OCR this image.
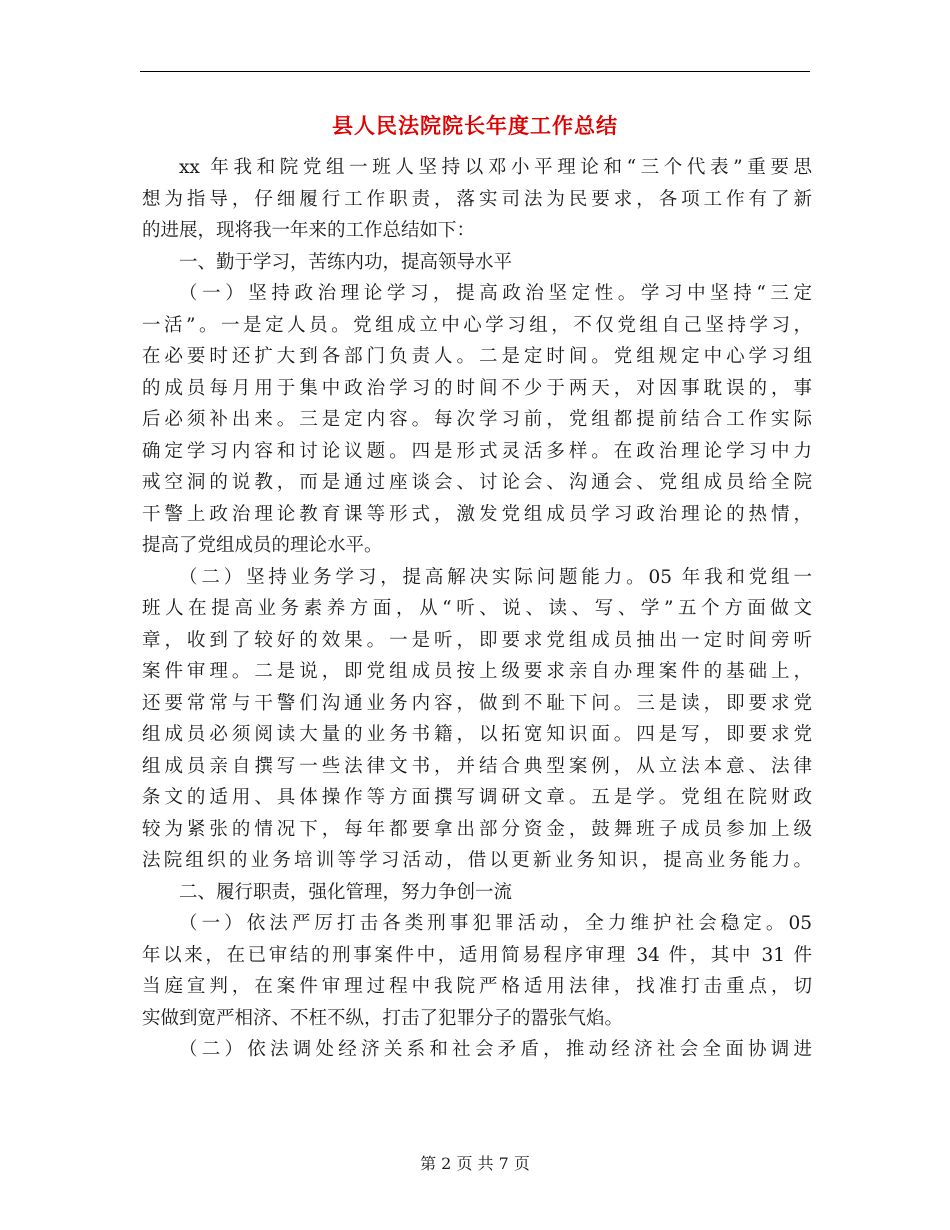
县人民法院院长年度工作总结
xx 年我和院党组一班人坚持以邓小平理论和“三个代表”重要思
想为指导，仔细履行工作职责，落实司法为民要求，各项工作有了新
的进展，现将我一年来的工作总结如下：
一、勤于学习，苦练内功，提高领导水平
（一）坚持政治理论学习，提高政治坚定性。学习中坚持“三定
一活”。一是定人员。党组成立中心学习组，不仅党组自己坚持学习，
在必要时还扩大到各部门负责人。二是定时间。党组规定中心学习组
的成员每月用于集中政治学习的时间不少于两天，对因事耽误的，事
后必须补出来。三是定内容。每次学习前，党组都提前结合工作实际
确定学习内容和讨论议题。四是形式灵活多样。在政治理论学习中力
戒空洞的说教，而是通过座谈会、讨论会、沟通会、党组成员给全院
干警上政治理论教育课等形式，激发党组成员学习政治理论的热情，
提高了党组成员的理论水平。
（二）坚持业务学习，提高解决实际问题能力。05 年我和党组一
班人在提高业务素养方面，从“听、说、读、写、学”五个方面做文
章，收到了较好的效果。一是听，即要求党组成员抽出一定时间旁听
案件审理。二是说，即党组成员按上级要求亲自办理案件的基础上，
还要常常与干警们沟通业务内容，做到不耻下问。三是读，即要求党
组成员必须阅读大量的业务书籍，以拓宽知识面。四是写，即要求党
组成员亲自撰写一些法律文书，并结合典型案例，从立法本意、法律
条文的适用、具体操作等方面撰写调研文章。五是学。党组在院财政
较为紧张的情况下，每年都要拿出部分资金，鼓舞班子成员参加上级
法院组织的业务培训等学习活动，借以更新业务知识，提高业务能力。
二、履行职责，强化管理，努力争创一流
（一）依法严厉打击各类刑事犯罪活动，全力维护社会稳定。05
年以来，在已审结的刑事案件中，适用简易程序审理 34 件，其中 31 件
当庭宣判，在案件审理过程中我院严格适用法律，找准打击重点，切
实做到宽严相济、不枉不纵，打击了犯罪分子的嚣张气焰。
（二）依法调处经济关系和社会矛盾，推动经济社会全面协调进
第 2 页 共 7 页
